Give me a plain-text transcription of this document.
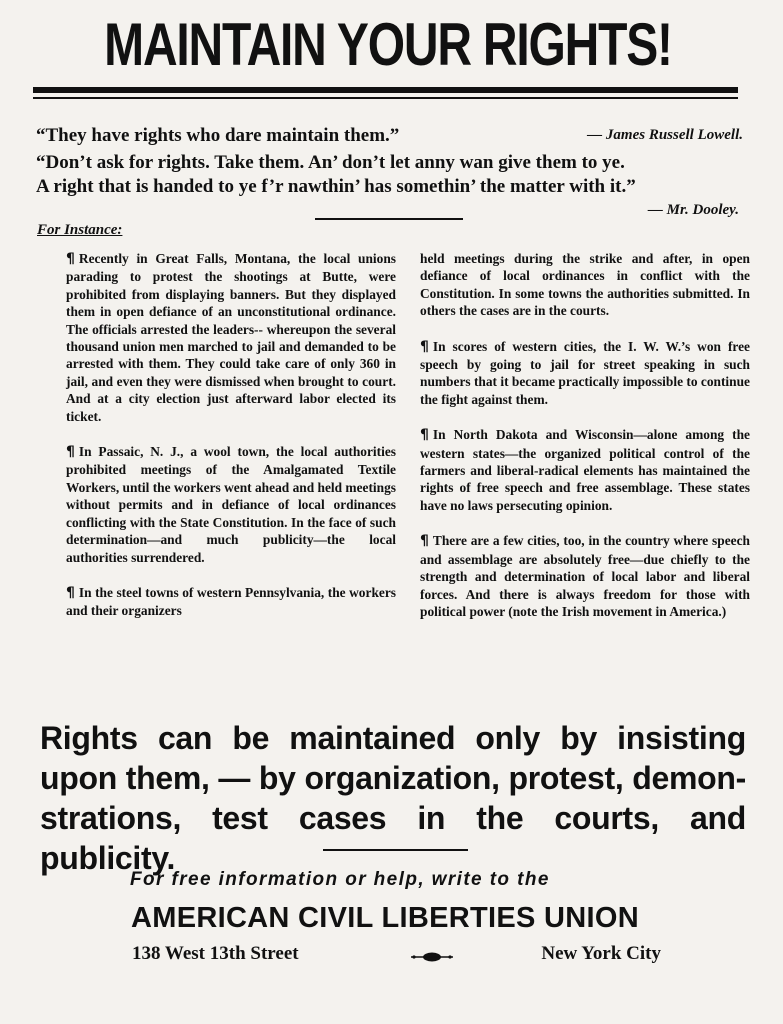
MAINTAIN YOUR RIGHTS!
“They have rights who dare maintain them.”	— James Russell Lowell.
“Don’t ask for rights. Take them. An’ don’t let anny wan give them to ye.
A right that is handed to ye f’r nawthin’ has somethin’ the matter with it.”
— Mr. Dooley.
For Instance:

¶ Recently in Great Falls, Montana, the local unions parading to protest the shootings at Butte, were prohibited from displaying banners. But they displayed them in open defiance of an unconstitutional ordinance. The officials arrested the leaders-- whereupon the several thousand union men marched to jail and demanded to be arrested with them. They could take care of only 360 in jail, and even they were dismissed when brought to court. And at a city election just afterward labor elected its ticket.

¶ In Passaic, N. J., a wool town, the local authorities prohibited meetings of the Amalgamated Textile Workers, until the workers went ahead and held meetings without permits and in defiance of local ordinances conflicting with the State Constitution. In the face of such determination—and much publicity—the local authorities surrendered.

¶ In the steel towns of western Pennsylvania, the workers and their organizers

held meetings during the strike and after, in open defiance of local ordinances in conflict with the Constitution. In some towns the authorities submitted. In others the cases are in the courts.

¶ In scores of western cities, the I. W. W.’s won free speech by going to jail for street speaking in such numbers that it became practically impossible to continue the fight against them.

¶ In North Dakota and Wisconsin—alone among the western states—the organized political control of the farmers and liberal-radical elements has maintained the rights of free speech and free assemblage. These states have no laws persecuting opinion.

¶ There are a few cities, too, in the country where speech and assemblage are absolutely free—due chiefly to the strength and determination of local labor and liberal forces. And there is always freedom for those with political power (note the Irish movement in America.)

Rights can be maintained only by insisting
upon them, — by organization, protest, demon-
strations, test cases in the courts, and publicity.
For free information or help, write to the
AMERICAN CIVIL LIBERTIES UNION
138 West 13th Street	New York City
